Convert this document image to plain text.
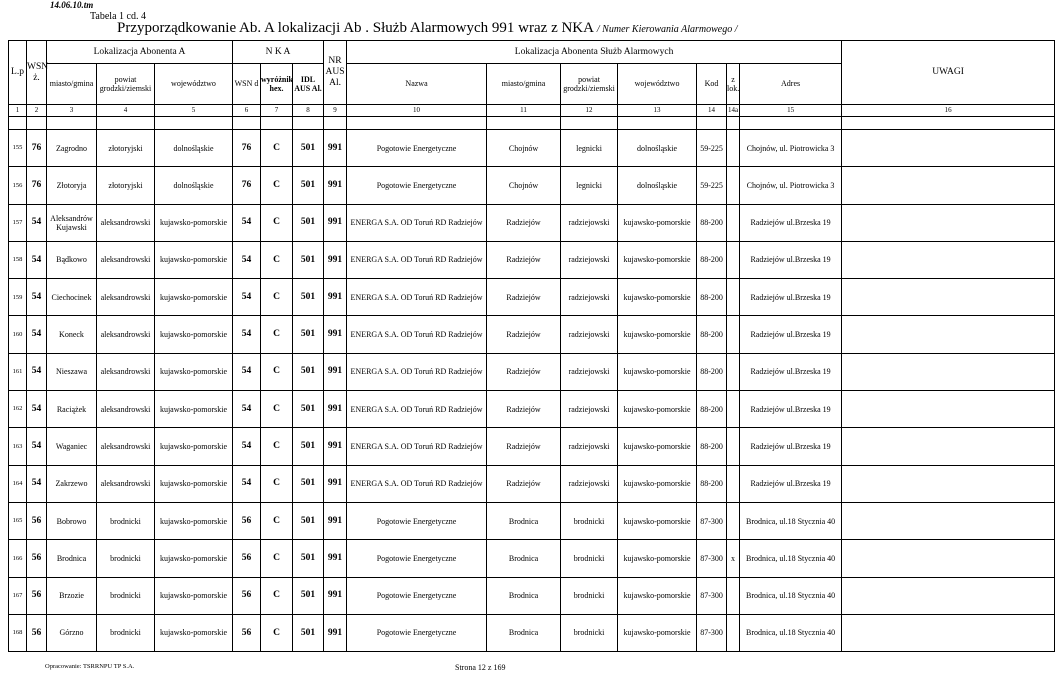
14.06.10.tm
Tabela 1 cd. 4
Przyporządkowanie Ab. A lokalizacji Ab . Służb Alarmowych 991 wraz z NKA / Numer Kierowania Alarmowego /
L.p	WSN ż.	Lokalizacja Abonenta A			N K A			NR AUS Al.	Lokalizacja Abonenta Służb Alarmowych							UWAGI
		miasto/gmina	powiat grodzki/ziemski	województwo	WSN d	wyróżnik hex.	IDL AUS Al.		Nazwa	miasto/gmina	powiat grodzki/ziemski	województwo	Kod	z lok.	Adres	
1	2	3	4	5	6	7	8	9	10	11	12	13	14	14a	15	16

155	76	Zagrodno	złotoryjski	dolnośląskie	76	C	501	991	Pogotowie Energetyczne	Chojnów	legnicki	dolnośląskie	59-225		Chojnów, ul. Piotrowicka 3	
156	76	Złotoryja	złotoryjski	dolnośląskie	76	C	501	991	Pogotowie Energetyczne	Chojnów	legnicki	dolnośląskie	59-225		Chojnów, ul. Piotrowicka 3	
157	54	Aleksandrów Kujawski	aleksandrowski	kujawsko-pomorskie	54	C	501	991	ENERGA S.A. OD Toruń RD Radziejów	Radziejów	radziejowski	kujawsko-pomorskie	88-200		Radziejów ul.Brzeska 19	
158	54	Bądkowo	aleksandrowski	kujawsko-pomorskie	54	C	501	991	ENERGA S.A. OD Toruń RD Radziejów	Radziejów	radziejowski	kujawsko-pomorskie	88-200		Radziejów ul.Brzeska 19	
159	54	Ciechocinek	aleksandrowski	kujawsko-pomorskie	54	C	501	991	ENERGA S.A. OD Toruń RD Radziejów	Radziejów	radziejowski	kujawsko-pomorskie	88-200		Radziejów ul.Brzeska 19	
160	54	Koneck	aleksandrowski	kujawsko-pomorskie	54	C	501	991	ENERGA S.A. OD Toruń RD Radziejów	Radziejów	radziejowski	kujawsko-pomorskie	88-200		Radziejów ul.Brzeska 19	
161	54	Nieszawa	aleksandrowski	kujawsko-pomorskie	54	C	501	991	ENERGA S.A. OD Toruń RD Radziejów	Radziejów	radziejowski	kujawsko-pomorskie	88-200		Radziejów ul.Brzeska 19	
162	54	Raciążek	aleksandrowski	kujawsko-pomorskie	54	C	501	991	ENERGA S.A. OD Toruń RD Radziejów	Radziejów	radziejowski	kujawsko-pomorskie	88-200		Radziejów ul.Brzeska 19	
163	54	Waganiec	aleksandrowski	kujawsko-pomorskie	54	C	501	991	ENERGA S.A. OD Toruń RD Radziejów	Radziejów	radziejowski	kujawsko-pomorskie	88-200		Radziejów ul.Brzeska 19	
164	54	Zakrzewo	aleksandrowski	kujawsko-pomorskie	54	C	501	991	ENERGA S.A. OD Toruń RD Radziejów	Radziejów	radziejowski	kujawsko-pomorskie	88-200		Radziejów ul.Brzeska 19	
165	56	Bobrowo	brodnicki	kujawsko-pomorskie	56	C	501	991	Pogotowie Energetyczne	Brodnica	brodnicki	kujawsko-pomorskie	87-300		Brodnica, ul.18 Stycznia 40	
166	56	Brodnica	brodnicki	kujawsko-pomorskie	56	C	501	991	Pogotowie Energetyczne	Brodnica	brodnicki	kujawsko-pomorskie	87-300	x	Brodnica, ul.18 Stycznia 40	
167	56	Brzozie	brodnicki	kujawsko-pomorskie	56	C	501	991	Pogotowie Energetyczne	Brodnica	brodnicki	kujawsko-pomorskie	87-300		Brodnica, ul.18 Stycznia 40	
168	56	Górzno	brodnicki	kujawsko-pomorskie	56	C	501	991	Pogotowie Energetyczne	Brodnica	brodnicki	kujawsko-pomorskie	87-300		Brodnica, ul.18 Stycznia 40	
Opracowanie: TSRRNPU TP S.A.	Strona 12 z 169
